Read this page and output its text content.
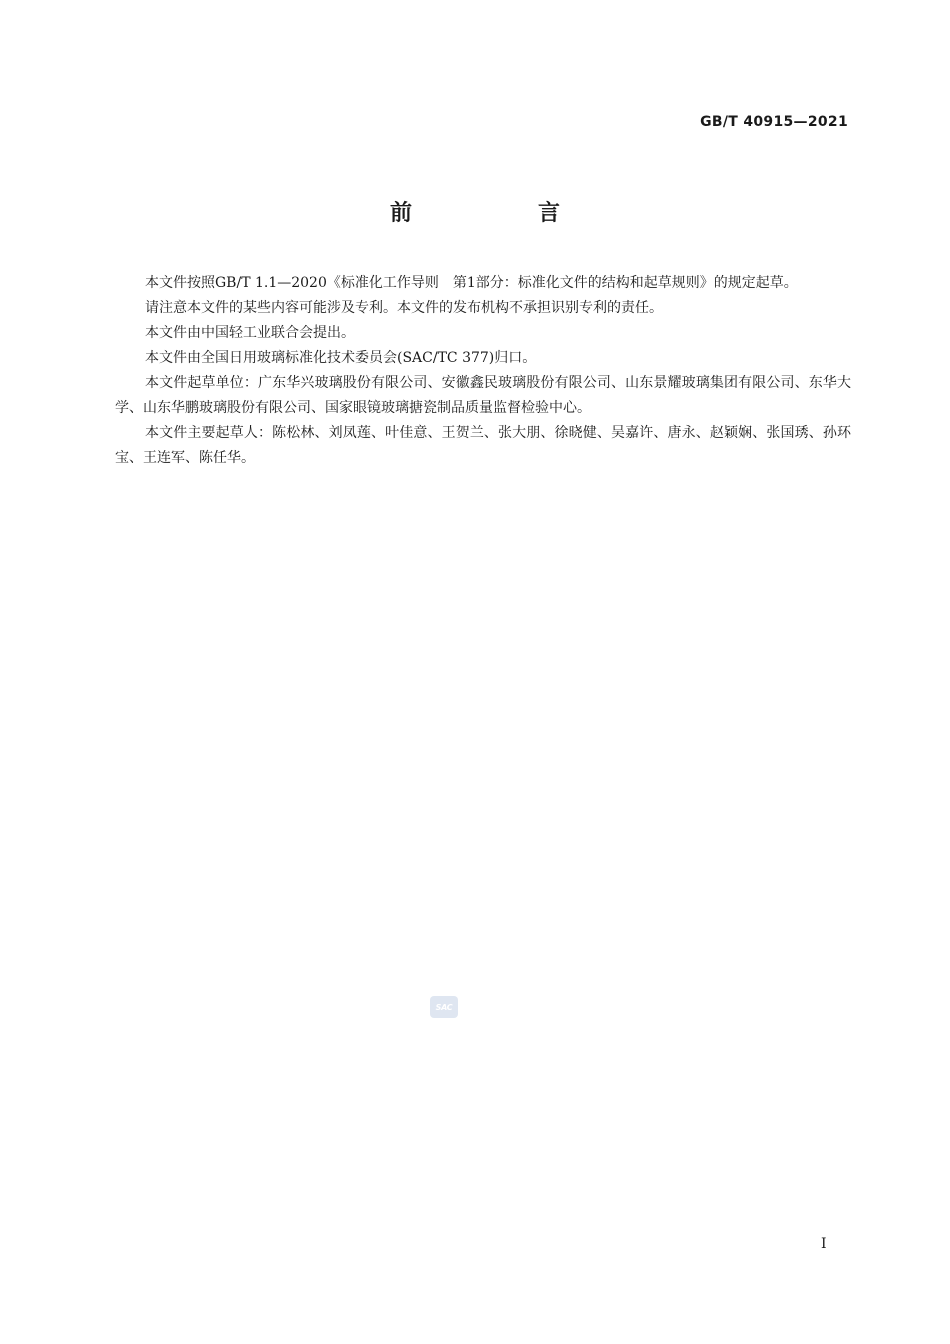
GB/T 40915—2021
前　言

本文件按照GB/T 1.1—2020《标准化工作导则　第1部分：标准化文件的结构和起草规则》的规定起草。

请注意本文件的某些内容可能涉及专利。本文件的发布机构不承担识别专利的责任。

本文件由中国轻工业联合会提出。

本文件由全国日用玻璃标准化技术委员会(SAC/TC 377)归口。

本文件起草单位：广东华兴玻璃股份有限公司、安徽鑫民玻璃股份有限公司、山东景耀玻璃集团有限公司、东华大学、山东华鹏玻璃股份有限公司、国家眼镜玻璃搪瓷制品质量监督检验中心。

本文件主要起草人：陈松林、刘凤莲、叶佳意、王贺兰、张大朋、徐晓健、吴嘉许、唐永、赵颖娴、张国琇、孙环宝、王连军、陈任华。

SAC
I
